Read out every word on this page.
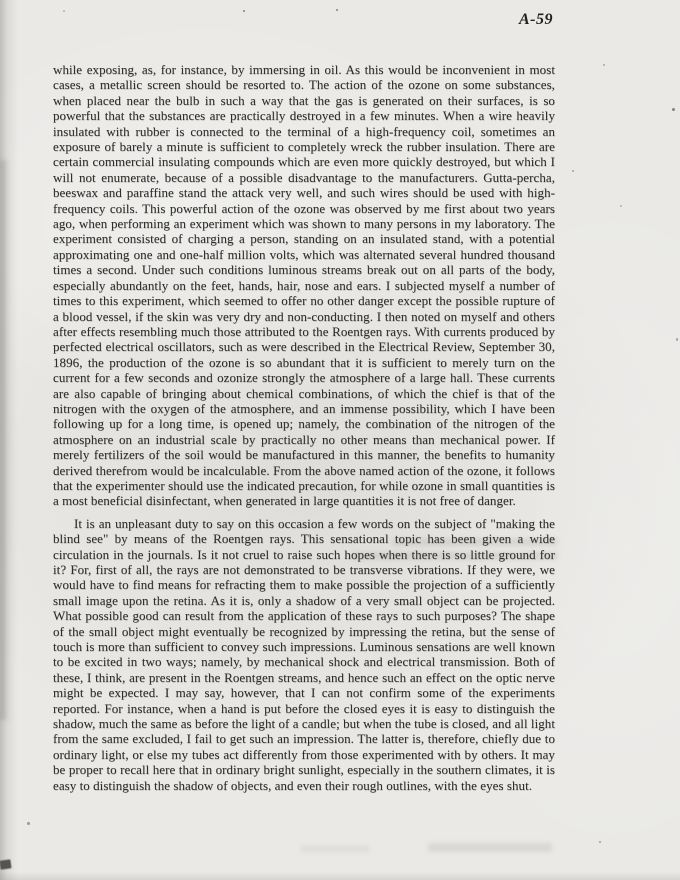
A-59

while exposing, as, for instance, by immersing in oil. As this would be inconvenient in most cases, a metallic screen should be resorted to. The action of the ozone on some substances, when placed near the bulb in such a way that the gas is generated on their surfaces, is so powerful that the substances are practically destroyed in a few minutes. When a wire heavily insulated with rubber is connected to the terminal of a high-frequency coil, sometimes an exposure of barely a minute is sufficient to completely wreck the rubber insulation. There are certain commercial insulating compounds which are even more quickly destroyed, but which I will not enumerate, because of a possible disadvantage to the manufacturers. Gutta-percha, beeswax and paraffine stand the attack very well, and such wires should be used with high-frequency coils. This powerful action of the ozone was observed by me first about two years ago, when performing an experiment which was shown to many persons in my laboratory. The experiment consisted of charging a person, standing on an insulated stand, with a potential approximating one and one-half million volts, which was alternated several hundred thousand times a second. Under such conditions luminous streams break out on all parts of the body, especially abundantly on the feet, hands, hair, nose and ears. I subjected myself a number of times to this experiment, which seemed to offer no other danger except the possible rupture of a blood vessel, if the skin was very dry and non-conducting. I then noted on myself and others after effects resembling much those attributed to the Roentgen rays. With currents produced by perfected electrical oscillators, such as were described in the Electrical Review, September 30, 1896, the production of the ozone is so abundant that it is sufficient to merely turn on the current for a few seconds and ozonize strongly the atmosphere of a large hall. These currents are also capable of bringing about chemical combinations, of which the chief is that of the nitrogen with the oxygen of the atmosphere, and an immense possibility, which I have been following up for a long time, is opened up; namely, the combination of the nitrogen of the atmosphere on an industrial scale by practically no other means than mechanical power. If merely fertilizers of the soil would be manufactured in this manner, the benefits to humanity derived therefrom would be incalculable. From the above named action of the ozone, it follows that the experimenter should use the indicated precaution, for while ozone in small quantities is a most beneficial disinfectant, when generated in large quantities it is not free of danger.

It is an unpleasant duty to say on this occasion a few words on the subject of "making the blind see" by means of the Roentgen rays. This sensational topic has been given a wide circulation in the journals. Is it not cruel to raise such hopes when there is so little ground for it? For, first of all, the rays are not demonstrated to be transverse vibrations. If they were, we would have to find means for refracting them to make possible the projection of a sufficiently small image upon the retina. As it is, only a shadow of a very small object can be projected. What possible good can result from the application of these rays to such purposes? The shape of the small object might eventually be recognized by impressing the retina, but the sense of touch is more than sufficient to convey such impressions. Luminous sensations are well known to be excited in two ways; namely, by mechanical shock and electrical transmission. Both of these, I think, are present in the Roentgen streams, and hence such an effect on the optic nerve might be expected. I may say, however, that I can not confirm some of the experiments reported. For instance, when a hand is put before the closed eyes it is easy to distinguish the shadow, much the same as before the light of a candle; but when the tube is closed, and all light from the same excluded, I fail to get such an impression. The latter is, therefore, chiefly due to ordinary light, or else my tubes act differently from those experimented with by others. It may be proper to recall here that in ordinary bright sunlight, especially in the southern climates, it is easy to distinguish the shadow of objects, and even their rough outlines, with the eyes shut.
